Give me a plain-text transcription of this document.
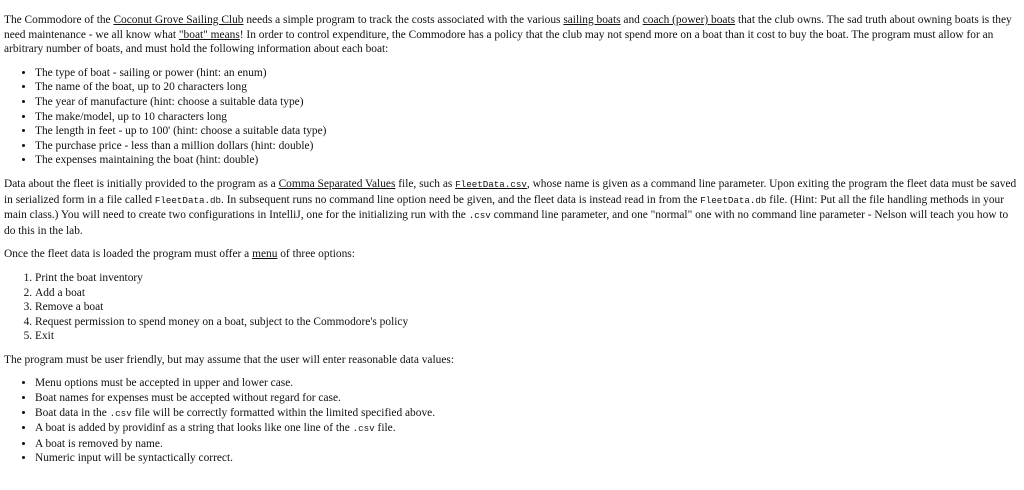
The Commodore of the Coconut Grove Sailing Club needs a simple program to track the costs associated with the various sailing boats and coach (power) boats that the club owns. The sad truth about owning boats is they need maintenance - we all know what "boat" means! In order to control expenditure, the Commodore has a policy that the club may not spend more on a boat than it cost to buy the boat. The program must allow for an arbitrary number of boats, and must hold the following information about each boat:

• The type of boat - sailing or power (hint: an enum)
• The name of the boat, up to 20 characters long
• The year of manufacture (hint: choose a suitable data type)
• The make/model, up to 10 characters long
• The length in feet - up to 100' (hint: choose a suitable data type)
• The purchase price - less than a million dollars (hint: double)
• The expenses maintaining the boat (hint: double)

Data about the fleet is initially provided to the program as a Comma Separated Values file, such as FleetData.csv, whose name is given as a command line parameter. Upon exiting the program the fleet data must be saved in serialized form in a file called FleetData.db. In subsequent runs no command line option need be given, and the fleet data is instead read in from the FleetData.db file. (Hint: Put all the file handling methods in your main class.) You will need to create two configurations in IntelliJ, one for the initializing run with the .csv command line parameter, and one "normal" one with no command line parameter - Nelson will teach you how to do this in the lab.

Once the fleet data is loaded the program must offer a menu of three options:

1. Print the boat inventory
2. Add a boat
3. Remove a boat
4. Request permission to spend money on a boat, subject to the Commodore's policy
5. Exit

The program must be user friendly, but may assume that the user will enter reasonable data values:

• Menu options must be accepted in upper and lower case.
• Boat names for expenses must be accepted without regard for case.
• Boat data in the .csv file will be correctly formatted within the limited specified above.
• A boat is added by providinf as a string that looks like one line of the .csv file.
• A boat is removed by name.
• Numeric input will be syntactically correct.
